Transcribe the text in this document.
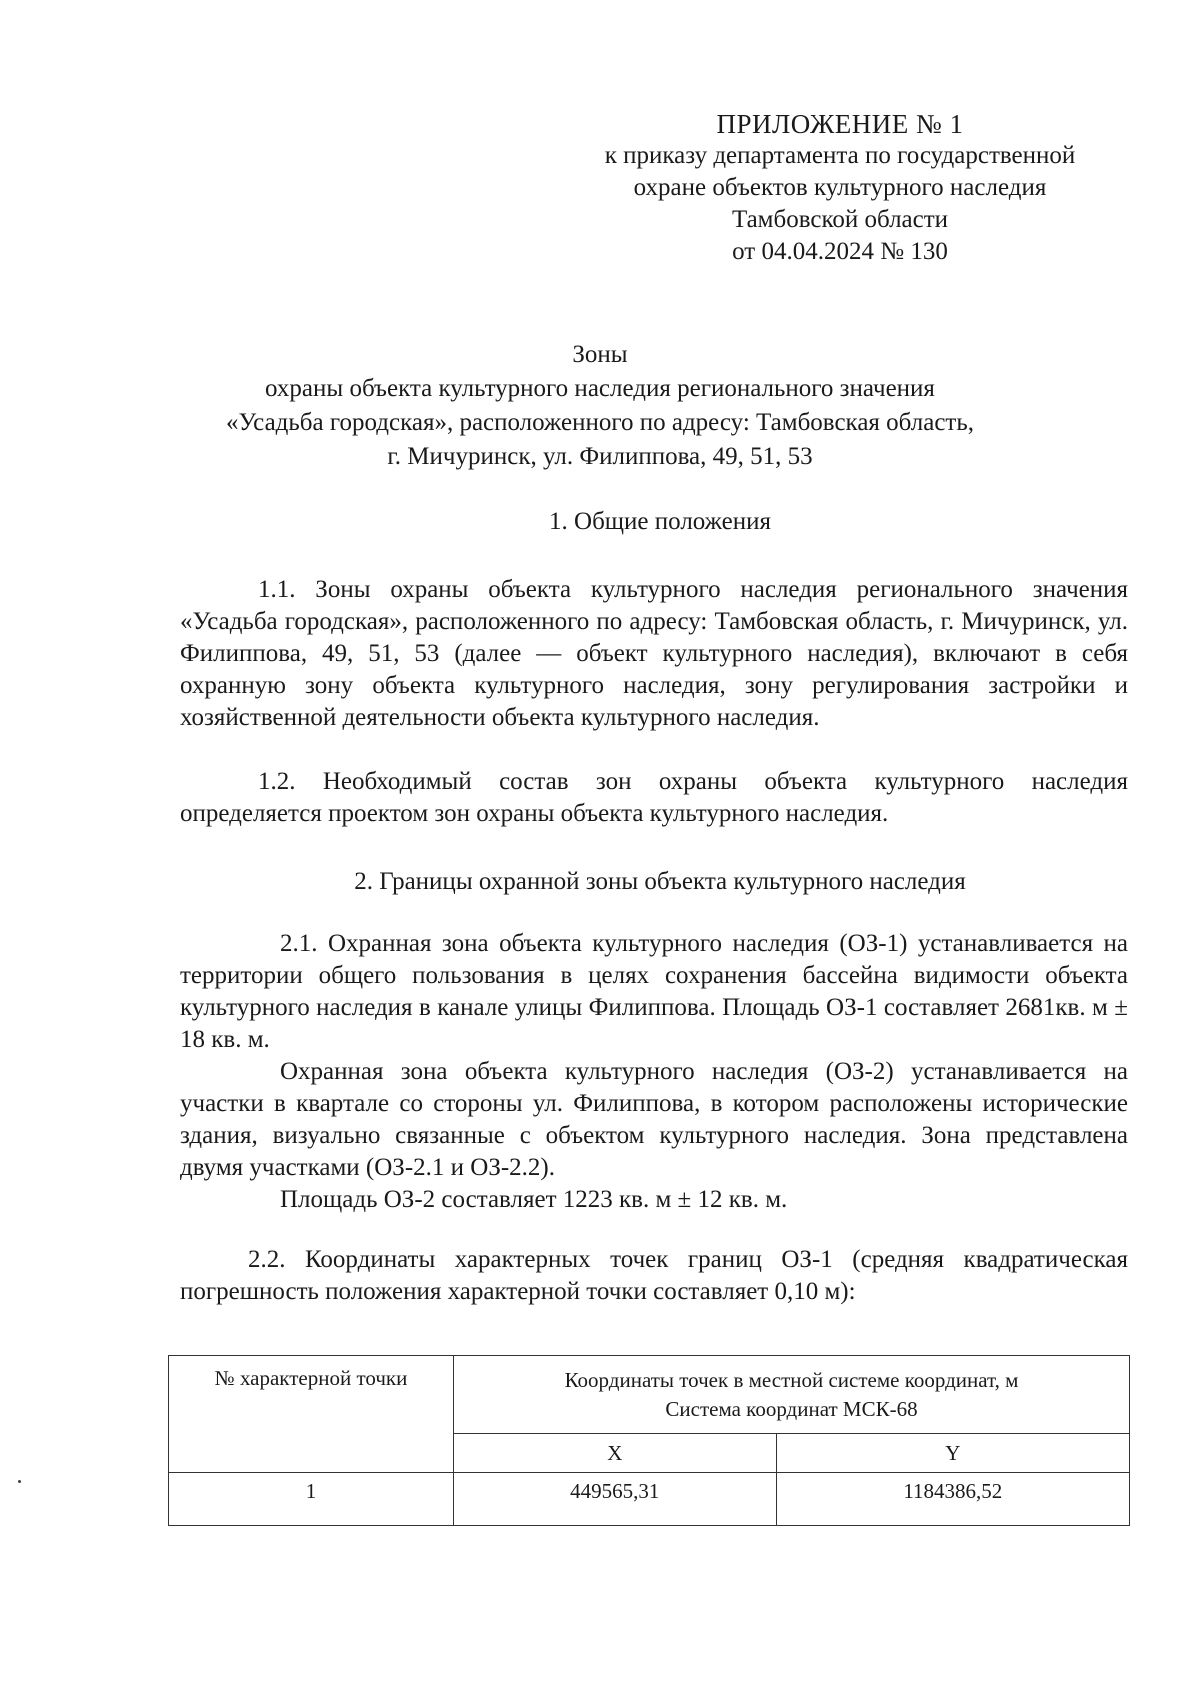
ПРИЛОЖЕНИЕ № 1
к приказу департамента по государственной
охране объектов культурного наследия
Тамбовской области
от 04.04.2024 № 130
Зоны
охраны объекта культурного наследия регионального значения
«Усадьба городская», расположенного по адресу: Тамбовская область,
г. Мичуринск, ул. Филиппова, 49, 51, 53
1. Общие положения
1.1. Зоны охраны объекта культурного наследия регионального значения «Усадьба городская», расположенного по адресу: Тамбовская область, г. Мичуринск, ул. Филиппова, 49, 51, 53 (далее — объект культурного наследия), включают в себя охранную зону объекта культурного наследия, зону регулирования застройки и хозяйственной деятельности объекта культурного наследия.
1.2. Необходимый состав зон охраны объекта культурного наследия определяется проектом зон охраны объекта культурного наследия.
2. Границы охранной зоны объекта культурного наследия
2.1. Охранная зона объекта культурного наследия (ОЗ-1) устанавливается на территории общего пользования в целях сохранения бассейна видимости объекта культурного наследия в канале улицы Филиппова. Площадь ОЗ-1 составляет 2681кв. м ± 18 кв. м.
Охранная зона объекта культурного наследия (ОЗ-2) устанавливается на участки в квартале со стороны ул. Филиппова, в котором расположены исторические здания, визуально связанные с объектом культурного наследия. Зона представлена двумя участками (ОЗ-2.1 и ОЗ-2.2).
Площадь ОЗ-2 составляет 1223 кв. м ± 12 кв. м.
2.2. Координаты характерных точек границ ОЗ-1 (средняя квадратическая погрешность положения характерной точки составляет 0,10 м):
№ характерной точки	Координаты точек в местной системе координат, м
Система координат МСК-68	

	X	Y
1	449565,31	1184386,52
